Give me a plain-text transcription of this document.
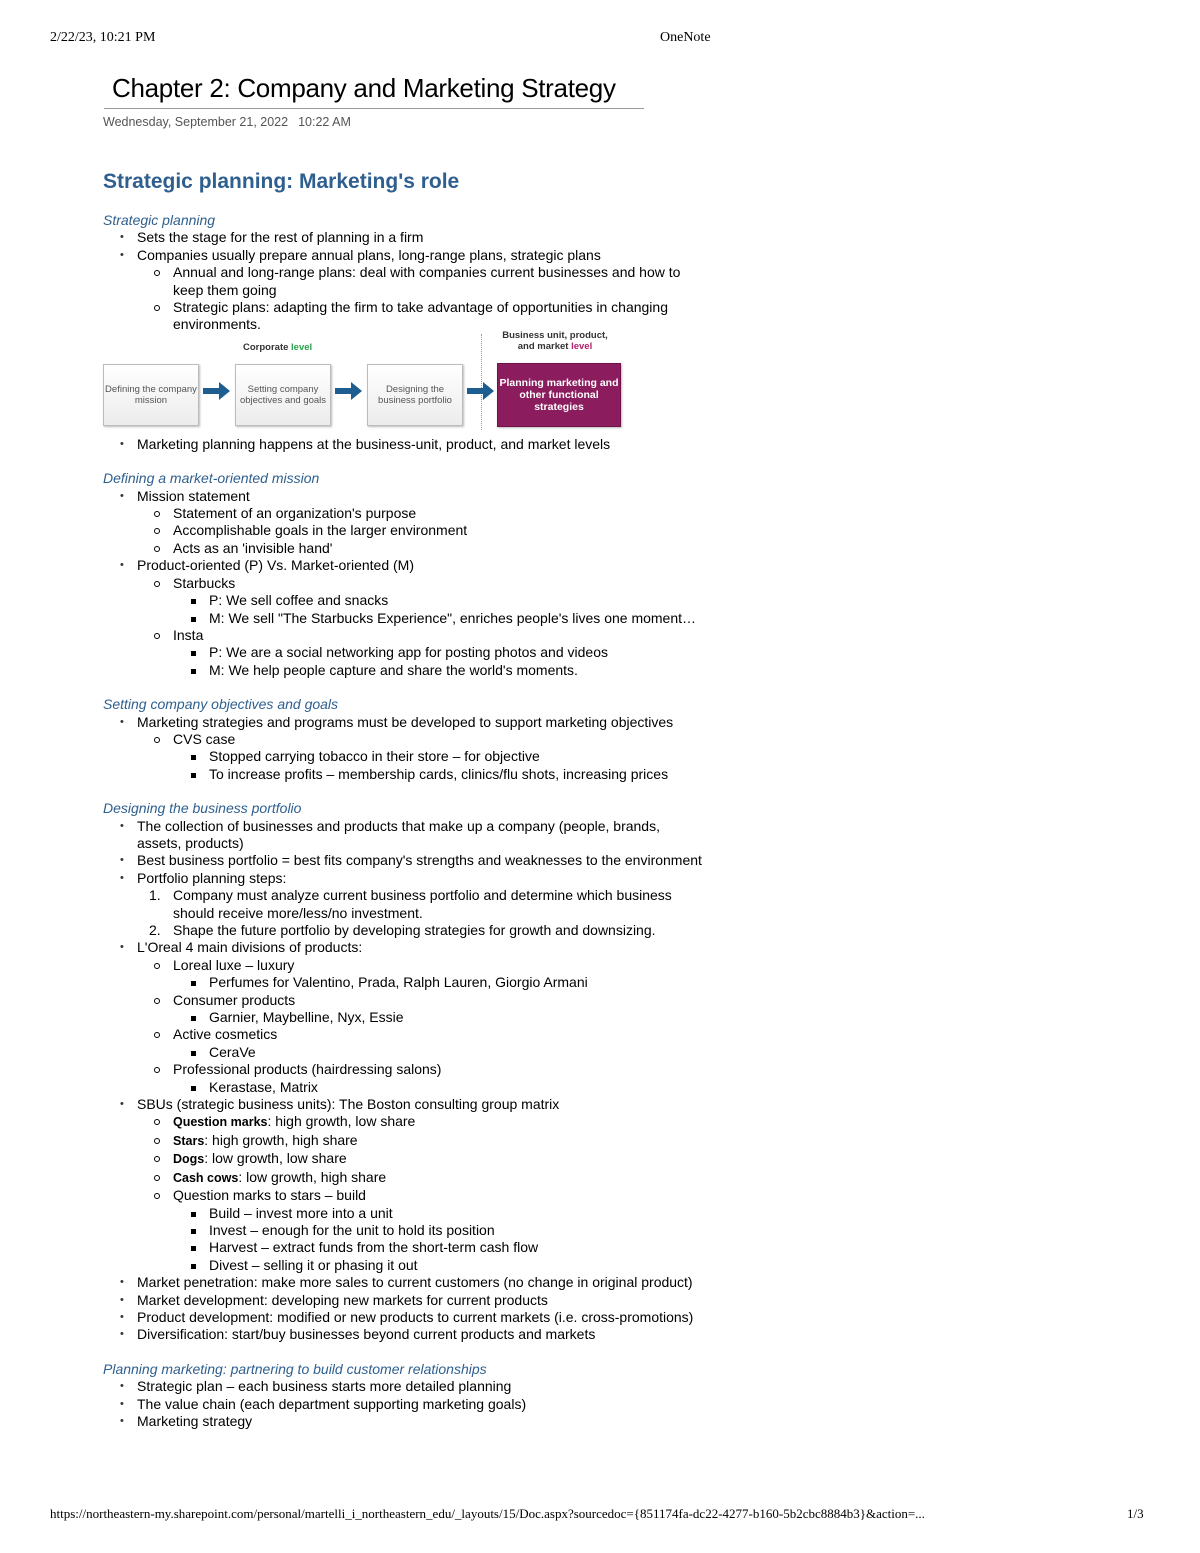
2/22/23, 10:21 PM	OneNote
Chapter 2: Company and Marketing Strategy
Wednesday, September 21, 2022 10:22 AM
Strategic planning: Marketing's role
Strategic planning
• Sets the stage for the rest of planning in a firm
• Companies usually prepare annual plans, long-range plans, strategic plans
Annual and long-range plans: deal with companies current businesses and how to keep them going
Strategic plans: adapting the firm to take advantage of opportunities in changing environments.
Corporate level
Business unit, product,
and market level
Defining the company mission
Setting company objectives and goals
Designing the business portfolio
Planning marketing and other functional strategies
• Marketing planning happens at the business-unit, product, and market levels
Defining a market-oriented mission
• Mission statement
Statement of an organization's purpose
Accomplishable goals in the larger environment
Acts as an 'invisible hand'
• Product-oriented (P) Vs. Market-oriented (M)
Starbucks
P: We sell coffee and snacks
M: We sell "The Starbucks Experience", enriches people's lives one moment…
Insta
P: We are a social networking app for posting photos and videos
M: We help people capture and share the world's moments.
Setting company objectives and goals
• Marketing strategies and programs must be developed to support marketing objectives
CVS case
Stopped carrying tobacco in their store – for objective
To increase profits – membership cards, clinics/flu shots, increasing prices
Designing the business portfolio
• The collection of businesses and products that make up a company (people, brands, assets, products)
• Best business portfolio = best fits company's strengths and weaknesses to the environment
• Portfolio planning steps:
1. Company must analyze current business portfolio and determine which business should receive more/less/no investment.
2. Shape the future portfolio by developing strategies for growth and downsizing.
• L'Oreal 4 main divisions of products:
Loreal luxe – luxury
Perfumes for Valentino, Prada, Ralph Lauren, Giorgio Armani
Consumer products
Garnier, Maybelline, Nyx, Essie
Active cosmetics
CeraVe
Professional products (hairdressing salons)
Kerastase, Matrix
• SBUs (strategic business units): The Boston consulting group matrix
Question marks: high growth, low share
Stars: high growth, high share
Dogs: low growth, low share
Cash cows: low growth, high share
Question marks to stars – build
Build – invest more into a unit
Invest – enough for the unit to hold its position
Harvest – extract funds from the short-term cash flow
Divest – selling it or phasing it out
• Market penetration: make more sales to current customers (no change in original product)
• Market development: developing new markets for current products
• Product development: modified or new products to current markets (i.e. cross-promotions)
• Diversification: start/buy businesses beyond current products and markets
Planning marketing: partnering to build customer relationships
• Strategic plan – each business starts more detailed planning
• The value chain (each department supporting marketing goals)
• Marketing strategy
https://northeastern-my.sharepoint.com/personal/martelli_i_northeastern_edu/_layouts/15/Doc.aspx?sourcedoc={851174fa-dc22-4277-b160-5b2cbc8884b3}&action=...	1/3
